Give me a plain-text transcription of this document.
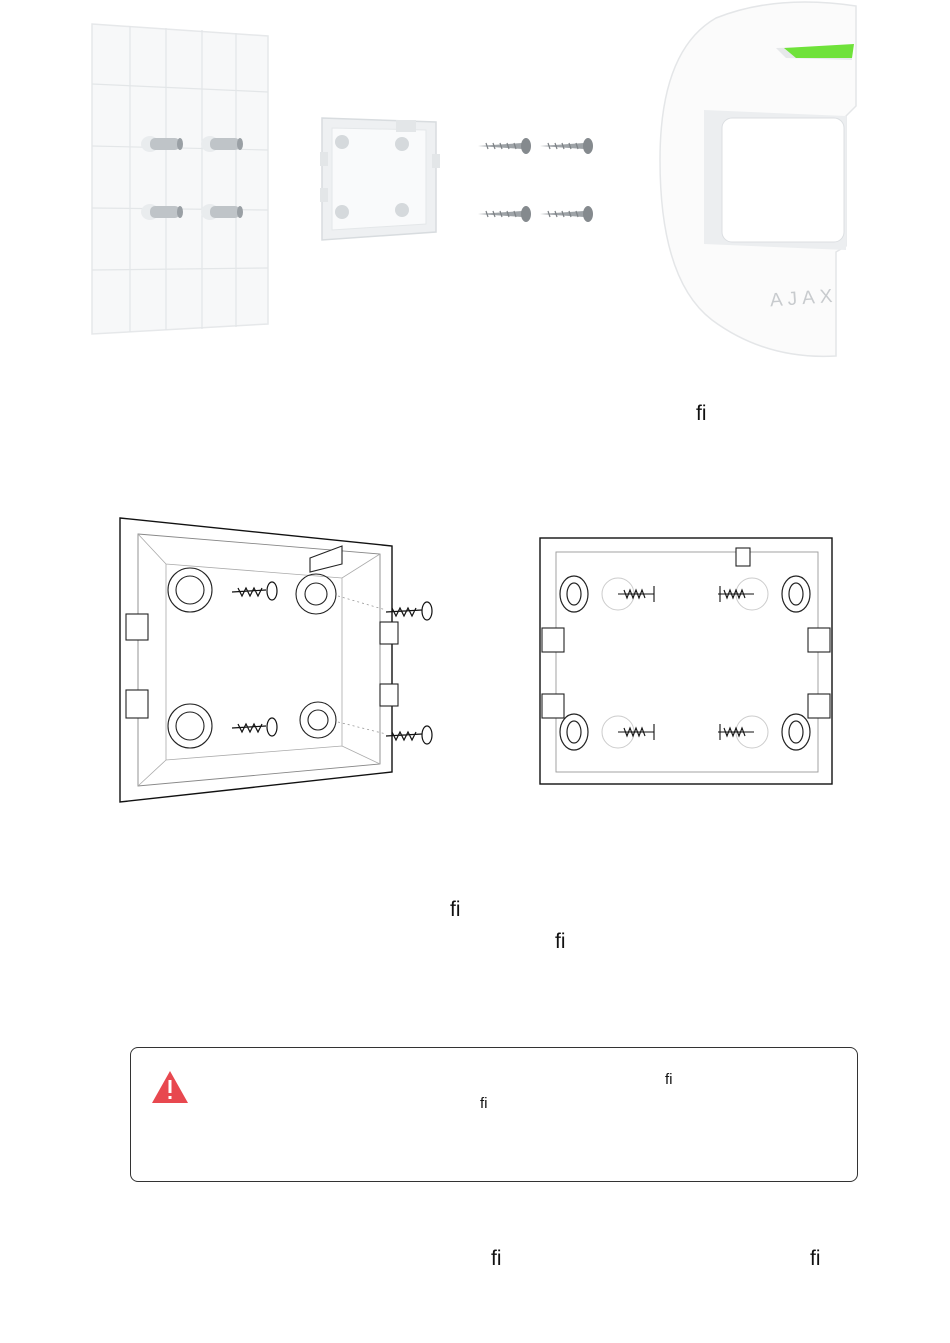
AJAX
ﬁ
ﬁ
ﬁ
ﬁ
ﬁ
ﬁ	ﬁ
